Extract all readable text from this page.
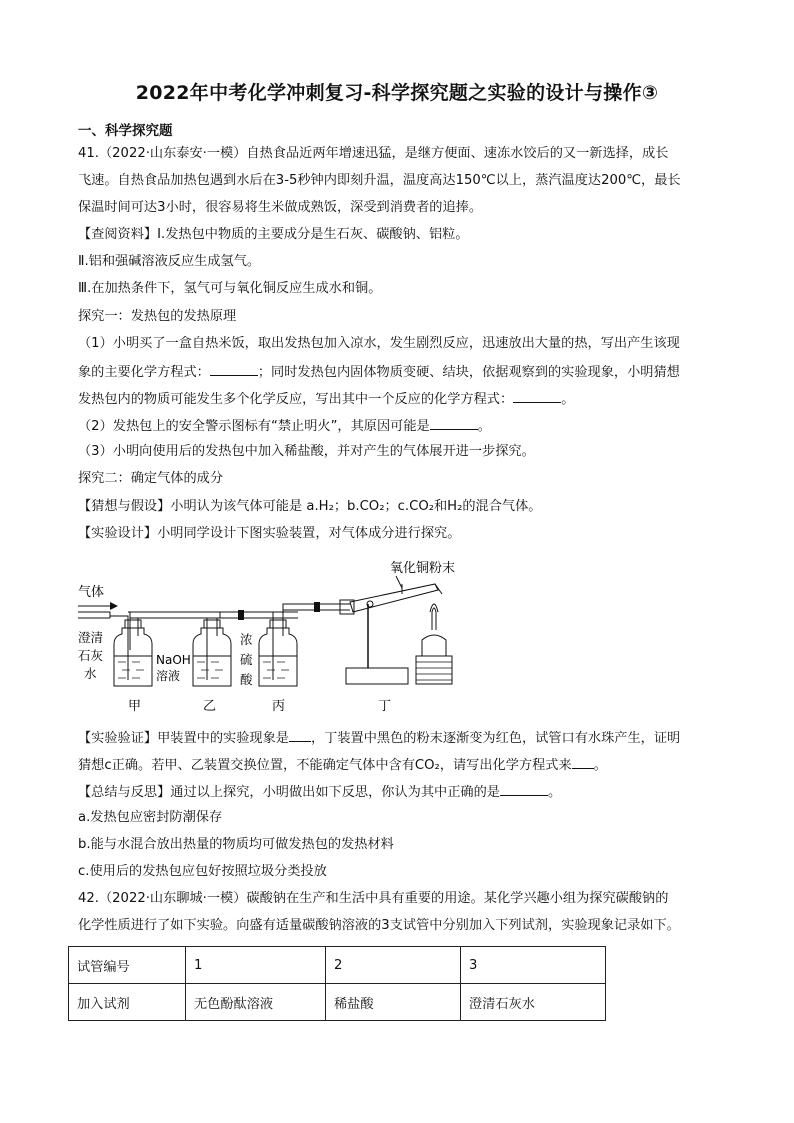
2022年中考化学冲刺复习-科学探究题之实验的设计与操作③
一、科学探究题
41.（2022·山东泰安·一模）自热食品近两年增速迅猛，是继方便面、速冻水饺后的又一新选择，成长
飞速。自热食品加热包遇到水后在3-5秒钟内即刻升温，温度高达150℃以上，蒸汽温度达200℃，最长
保温时间可达3小时，很容易将生米做成熟饭，深受到消费者的追捧。
【查阅资料】Ⅰ.发热包中物质的主要成分是生石灰、碳酸钠、铝粒。
Ⅱ.铝和强碱溶液反应生成氢气。
Ⅲ.在加热条件下，氢气可与氧化铜反应生成水和铜。
探究一：发热包的发热原理
（1）小明买了一盒自热米饭，取出发热包加入凉水，发生剧烈反应，迅速放出大量的热，写出产生该现
象的主要化学方程式：	；同时发热包内固体物质变硬、结块，依据观察到的实验现象，小明猜想
发热包内的物质可能发生多个化学反应，写出其中一个反应的化学方程式：	。
（2）发热包上的安全警示图标有“禁止明火”，其原因可能是	。
（3）小明向使用后的发热包中加入稀盐酸，并对产生的气体展开进一步探究。
探究二：确定气体的成分
【猜想与假设】小明认为该气体可能是 a.H₂；b.CO₂；c.CO₂和H₂的混合气体。
【实验设计】小明同学设计下图实验装置，对气体成分进行探究。
气体
氧化铜粉末
澄清
石灰
水
NaOH
溶液
浓
硫
酸
甲	乙	丙	丁
【实验验证】甲装置中的实验现象是 ，丁装置中黑色的粉末逐渐变为红色，试管口有水珠产生，证明
猜想c正确。若甲、乙装置交换位置，不能确定气体中含有CO₂，请写出化学方程式来 。
【总结与反思】通过以上探究，小明做出如下反思，你认为其中正确的是	。
a.发热包应密封防潮保存
b.能与水混合放出热量的物质均可做发热包的发热材料
c.使用后的发热包应包好按照垃圾分类投放
42.（2022·山东聊城·一模）碳酸钠在生产和生活中具有重要的用途。某化学兴趣小组为探究碳酸钠的
化学性质进行了如下实验。向盛有适量碳酸钠溶液的3支试管中分别加入下列试剂，实验现象记录如下。
试管编号	1	2	3
加入试剂	无色酚酞溶液	稀盐酸	澄清石灰水
